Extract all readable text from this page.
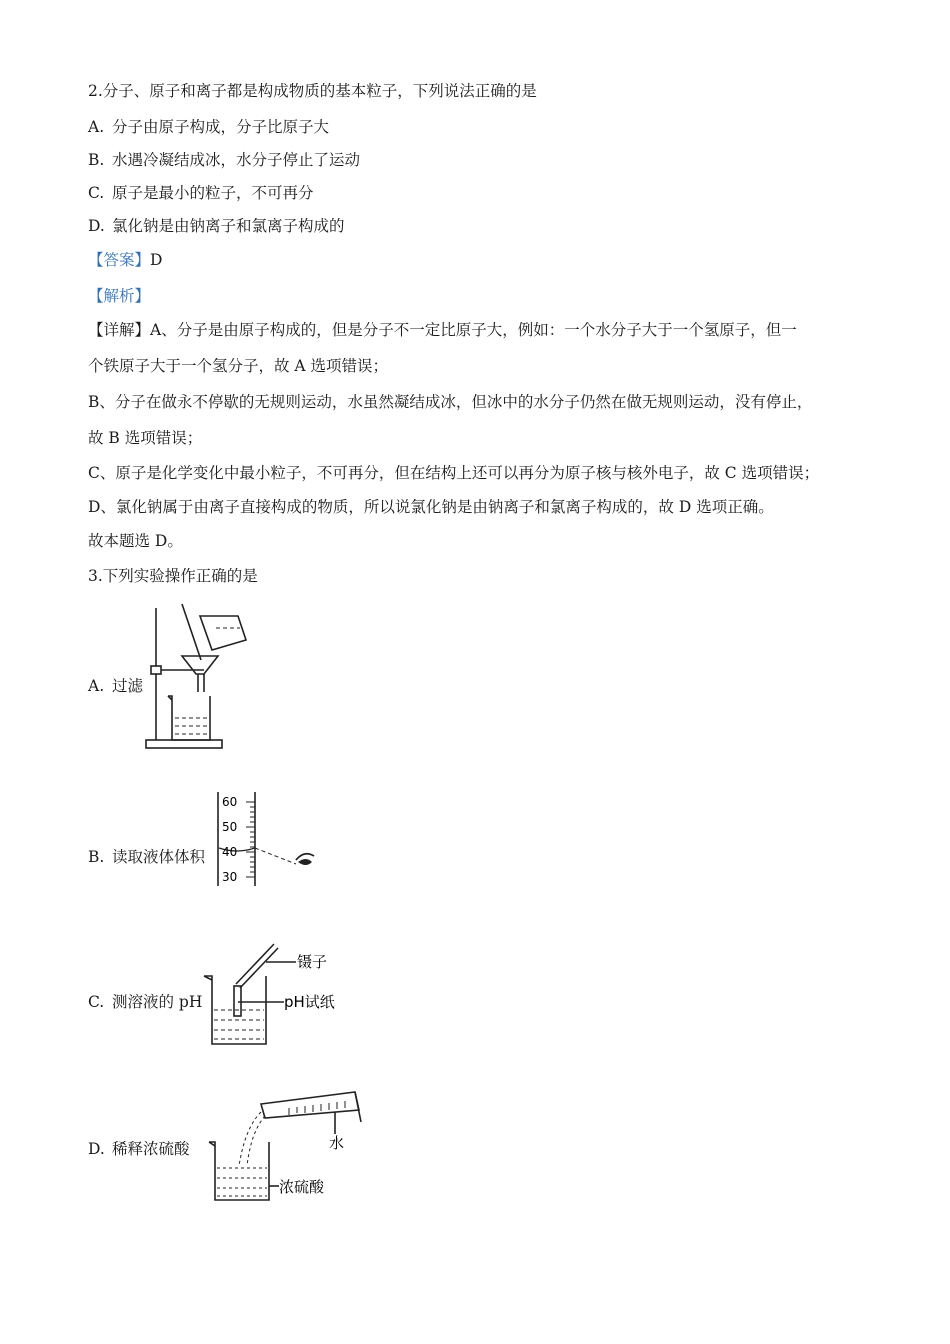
2.分子、原子和离子都是构成物质的基本粒子，下列说法正确的是
A. 分子由原子构成，分子比原子大
B. 水遇冷凝结成冰，水分子停止了运动
C. 原子是最小的粒子，不可再分
D. 氯化钠是由钠离子和氯离子构成的
【答案】D
【解析】
【详解】A、分子是由原子构成的，但是分子不一定比原子大，例如：一个水分子大于一个氢原子，但一
个铁原子大于一个氢分子，故 A 选项错误；
B、分子在做永不停歇的无规则运动，水虽然凝结成冰，但冰中的水分子仍然在做无规则运动，没有停止，
故 B 选项错误；
C、原子是化学变化中最小粒子，不可再分，但在结构上还可以再分为原子核与核外电子，故 C 选项错误；
D、氯化钠属于由离子直接构成的物质，所以说氯化钠是由钠离子和氯离子构成的，故 D 选项正确。
故本题选 D。
3.下列实验操作正确的是
A. 过滤
B. 读取液体体积
C. 测溶液的 pH
D. 稀释浓硫酸
60
50
40
30
镊子
pH试纸
水
浓硫酸
